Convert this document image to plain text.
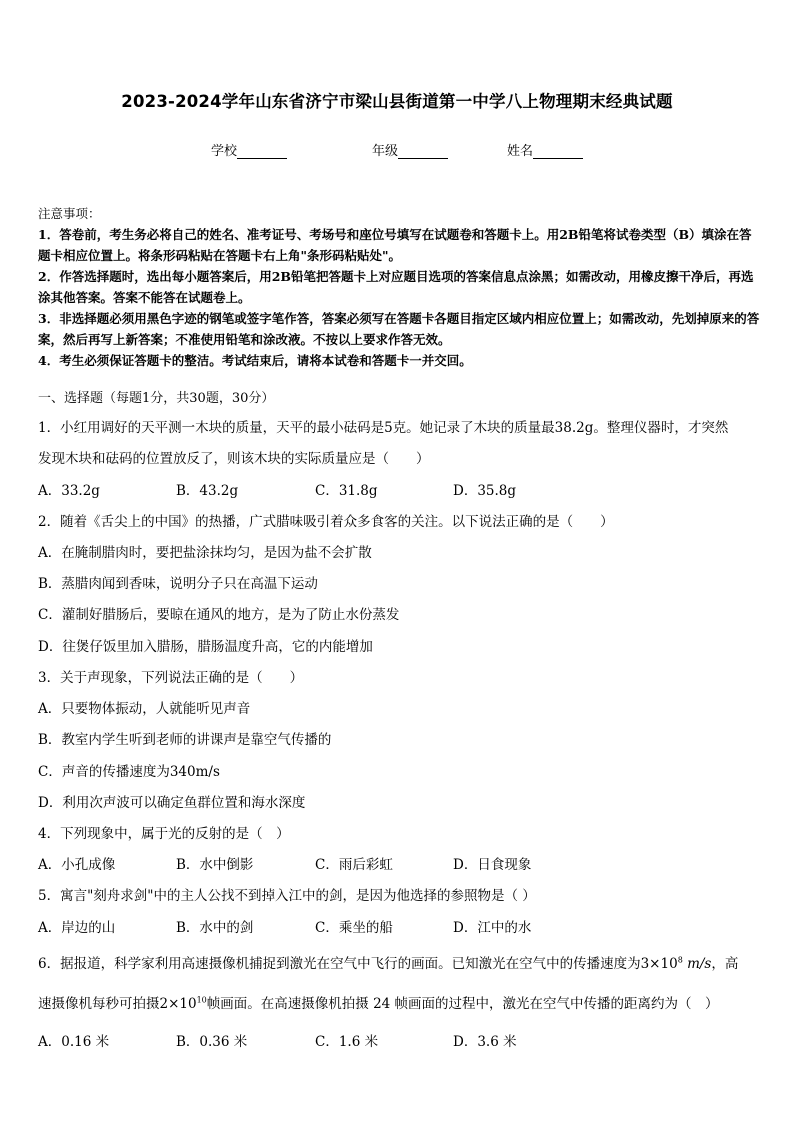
2023-2024学年山东省济宁市梁山县街道第一中学八上物理期末经典试题
学校	年级	姓名

注意事项：

1．答卷前，考生务必将自己的姓名、准考证号、考场号和座位号填写在试题卷和答题卡上。用2B铅笔将试卷类型（B）填涂在答题卡相应位置上。将条形码粘贴在答题卡右上角"条形码粘贴处"。

2．作答选择题时，选出每小题答案后，用2B铅笔把答题卡上对应题目选项的答案信息点涂黑；如需改动，用橡皮擦干净后，再选涂其他答案。答案不能答在试题卷上。

3．非选择题必须用黑色字迹的钢笔或签字笔作答，答案必须写在答题卡各题目指定区域内相应位置上；如需改动，先划掉原来的答案，然后再写上新答案；不准使用铅笔和涂改液。不按以上要求作答无效。

4．考生必须保证答题卡的整洁。考试结束后，请将本试卷和答题卡一并交回。

一、选择题（每题1分，共30题，30分）
1．小红用调好的天平测一木块的质量，天平的最小砝码是5克。她记录了木块的质量最38.2g。整理仪器时，才突然
发现木块和砝码的位置放反了，则该木块的实际质量应是（　　）
A．33.2g	B．43.2g	C．31.8g	D．35.8g
2．随着《舌尖上的中国》的热播，广式腊味吸引着众多食客的关注。以下说法正确的是（　　）
A．在腌制腊肉时，要把盐涂抹均匀，是因为盐不会扩散
B．蒸腊肉闻到香味，说明分子只在高温下运动
C．灌制好腊肠后，要晾在通风的地方，是为了防止水份蒸发
D．往煲仔饭里加入腊肠，腊肠温度升高，它的内能增加
3．关于声现象，下列说法正确的是（　　）
A．只要物体振动，人就能听见声音
B．教室内学生听到老师的讲课声是靠空气传播的
C．声音的传播速度为340m/s
D．利用次声波可以确定鱼群位置和海水深度
4．下列现象中，属于光的反射的是（　）
A．小孔成像	B．水中倒影	C．雨后彩虹	D．日食现象
5．寓言"刻舟求剑"中的主人公找不到掉入江中的剑，是因为他选择的参照物是（ ）
A．岸边的山	B．水中的剑	C．乘坐的船	D．江中的水
6．据报道，科学家利用高速摄像机捕捉到激光在空气中飞行的画面。已知激光在空气中的传播速度为$3\times 10^8$ m/s，高
速摄像机每秒可拍摄$2\times 10^{10}$帧画面。在高速摄像机拍摄 24 帧画面的过程中，激光在空气中传播的距离约为（　）
A．0.16 米	B．0.36 米	C．1.6 米	D．3.6 米
